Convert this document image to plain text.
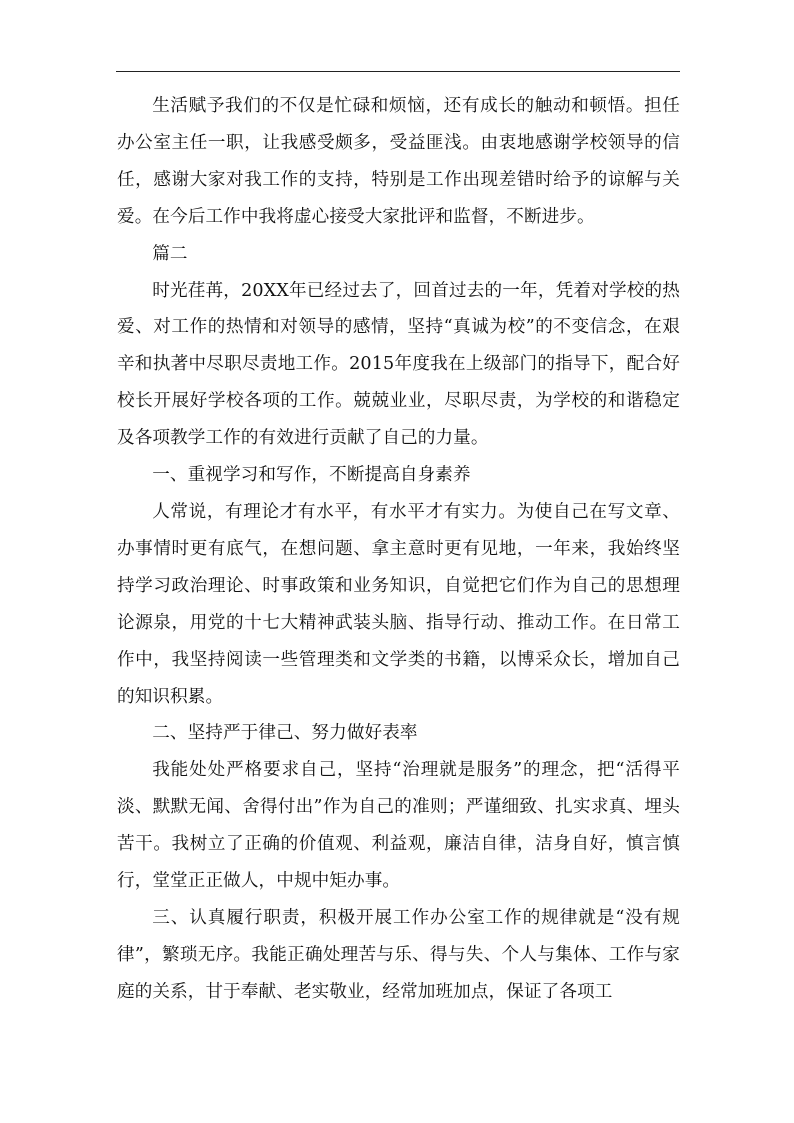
生活赋予我们的不仅是忙碌和烦恼，还有成长的触动和顿悟。担任办公室主任一职，让我感受颇多，受益匪浅。由衷地感谢学校领导的信任，感谢大家对我工作的支持，特别是工作出现差错时给予的谅解与关爱。在今后工作中我将虚心接受大家批评和监督，不断进步。

篇二

时光荏苒，20XX年已经过去了，回首过去的一年，凭着对学校的热爱、对工作的热情和对领导的感情，坚持“真诚为校”的不变信念，在艰辛和执著中尽职尽责地工作。2015年度我在上级部门的指导下，配合好校长开展好学校各项的工作。兢兢业业，尽职尽责，为学校的和谐稳定及各项教学工作的有效进行贡献了自己的力量。

一、重视学习和写作，不断提高自身素养

人常说，有理论才有水平，有水平才有实力。为使自己在写文章、办事情时更有底气，在想问题、拿主意时更有见地，一年来，我始终坚持学习政治理论、时事政策和业务知识，自觉把它们作为自己的思想理论源泉，用党的十七大精神武装头脑、指导行动、推动工作。在日常工作中，我坚持阅读一些管理类和文学类的书籍，以博采众长，增加自己的知识积累。

二、坚持严于律己、努力做好表率

我能处处严格要求自己，坚持“治理就是服务”的理念，把“活得平淡、默默无闻、舍得付出”作为自己的准则；严谨细致、扎实求真、埋头苦干。我树立了正确的价值观、利益观，廉洁自律，洁身自好，慎言慎行，堂堂正正做人，中规中矩办事。

三、认真履行职责，积极开展工作办公室工作的规律就是“没有规律”，繁琐无序。我能正确处理苦与乐、得与失、个人与集体、工作与家庭的关系，甘于奉献、老实敬业，经常加班加点，保证了各项工
